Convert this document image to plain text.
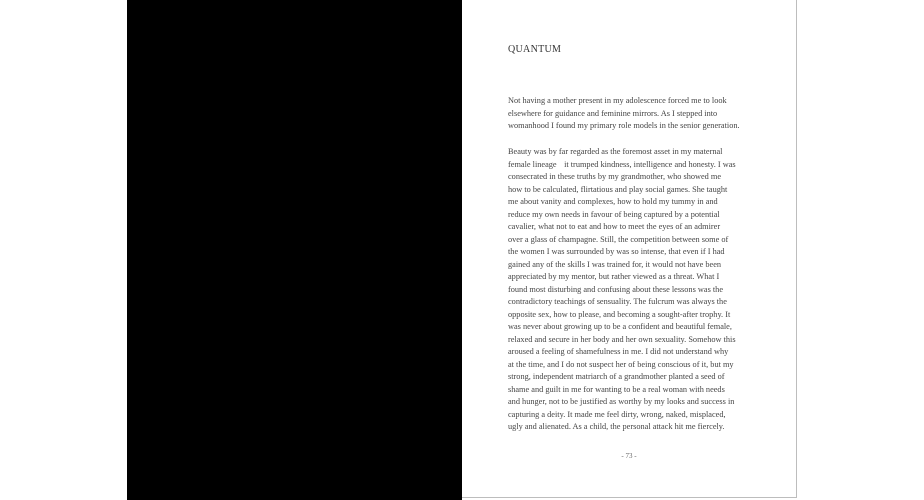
QUANTUM
Not having a mother present in my adolescence forced me to look
elsewhere for guidance and feminine mirrors. As I stepped into
womanhood I found my primary role models in the senior generation.
Beauty was by far regarded as the foremost asset in my maternal
female lineage    it trumped kindness, intelligence and honesty. I was
consecrated in these truths by my grandmother, who showed me
how to be calculated, flirtatious and play social games. She taught
me about vanity and complexes, how to hold my tummy in and
reduce my own needs in favour of being captured by a potential
cavalier, what not to eat and how to meet the eyes of an admirer
over a glass of champagne. Still, the competition between some of
the women I was surrounded by was so intense, that even if I had
gained any of the skills I was trained for, it would not have been
appreciated by my mentor, but rather viewed as a threat. What I
found most disturbing and confusing about these lessons was the
contradictory teachings of sensuality. The fulcrum was always the
opposite sex, how to please, and becoming a sought-after trophy. It
was never about growing up to be a confident and beautiful female,
relaxed and secure in her body and her own sexuality. Somehow this
aroused a feeling of shamefulness in me. I did not understand why
at the time, and I do not suspect her of being conscious of it, but my
strong, independent matriarch of a grandmother planted a seed of
shame and guilt in me for wanting to be a real woman with needs
and hunger, not to be justified as worthy by my looks and success in
capturing a deity. It made me feel dirty, wrong, naked, misplaced,
ugly and alienated. As a child, the personal attack hit me fiercely.
- 73 -
